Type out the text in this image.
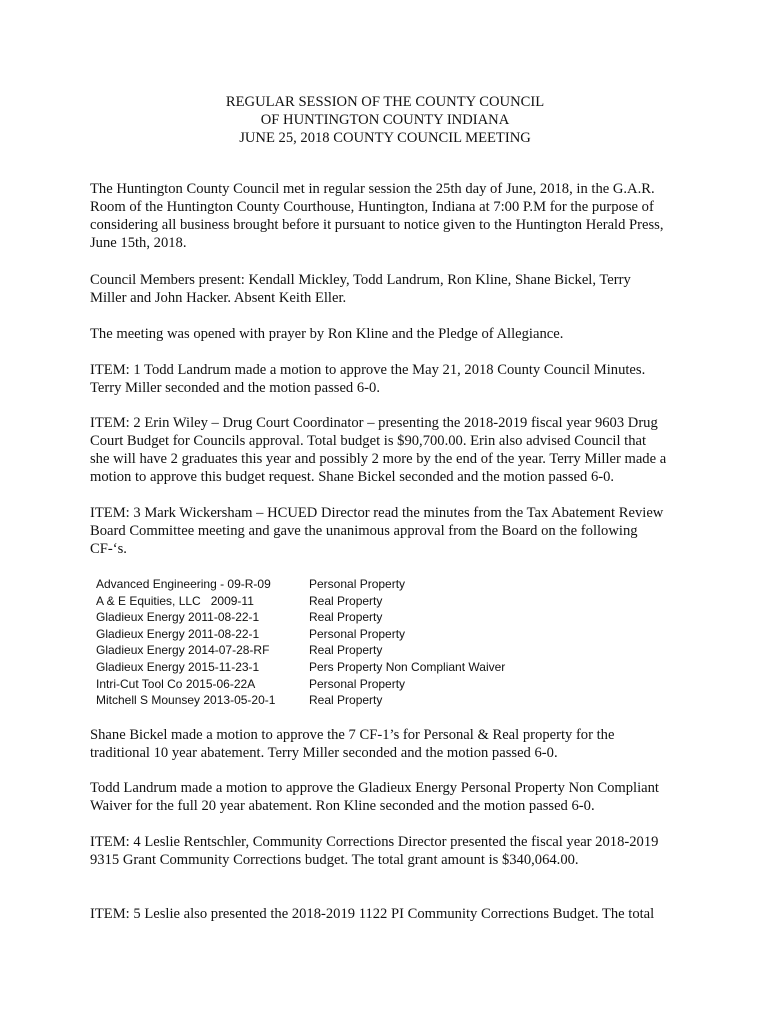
REGULAR SESSION OF THE COUNTY COUNCIL
OF HUNTINGTON COUNTY INDIANA
JUNE 25, 2018 COUNTY COUNCIL MEETING

The Huntington County Council met in regular session the 25th day of June, 2018, in the G.A.R.
Room of the Huntington County Courthouse, Huntington, Indiana at 7:00 P.M for the purpose of
considering all business brought before it pursuant to notice given to the Huntington Herald Press,
June 15th, 2018.

Council Members present: Kendall Mickley, Todd Landrum, Ron Kline, Shane Bickel, Terry
Miller and John Hacker. Absent Keith Eller.

The meeting was opened with prayer by Ron Kline and the Pledge of Allegiance.

ITEM: 1 Todd Landrum made a motion to approve the May 21, 2018 County Council Minutes.
Terry Miller seconded and the motion passed 6-0.

ITEM: 2 Erin Wiley – Drug Court Coordinator – presenting the 2018-2019 fiscal year 9603 Drug
Court Budget for Councils approval. Total budget is $90,700.00. Erin also advised Council that
she will have 2 graduates this year and possibly 2 more by the end of the year. Terry Miller made a
motion to approve this budget request. Shane Bickel seconded and the motion passed 6-0.

ITEM: 3 Mark Wickersham – HCUED Director read the minutes from the Tax Abatement Review
Board Committee meeting and gave the unanimous approval from the Board on the following
CF-‘s.

Advanced Engineering - 09-R-09	Personal Property
A & E Equities, LLC   2009-11	Real Property
Gladieux Energy 2011-08-22-1	Real Property
Gladieux Energy 2011-08-22-1	Personal Property
Gladieux Energy 2014-07-28-RF	Real Property
Gladieux Energy 2015-11-23-1	Pers Property Non Compliant Waiver
Intri-Cut Tool Co 2015-06-22A	Personal Property
Mitchell S Mounsey 2013-05-20-1	Real Property

Shane Bickel made a motion to approve the 7 CF-1’s for Personal & Real property for the
traditional 10 year abatement. Terry Miller seconded and the motion passed 6-0.

Todd Landrum made a motion to approve the Gladieux Energy Personal Property Non Compliant
Waiver for the full 20 year abatement. Ron Kline seconded and the motion passed 6-0.

ITEM: 4 Leslie Rentschler, Community Corrections Director presented the fiscal year 2018-2019
9315 Grant Community Corrections budget. The total grant amount is $340,064.00.

ITEM: 5 Leslie also presented the 2018-2019 1122 PI Community Corrections Budget. The total
